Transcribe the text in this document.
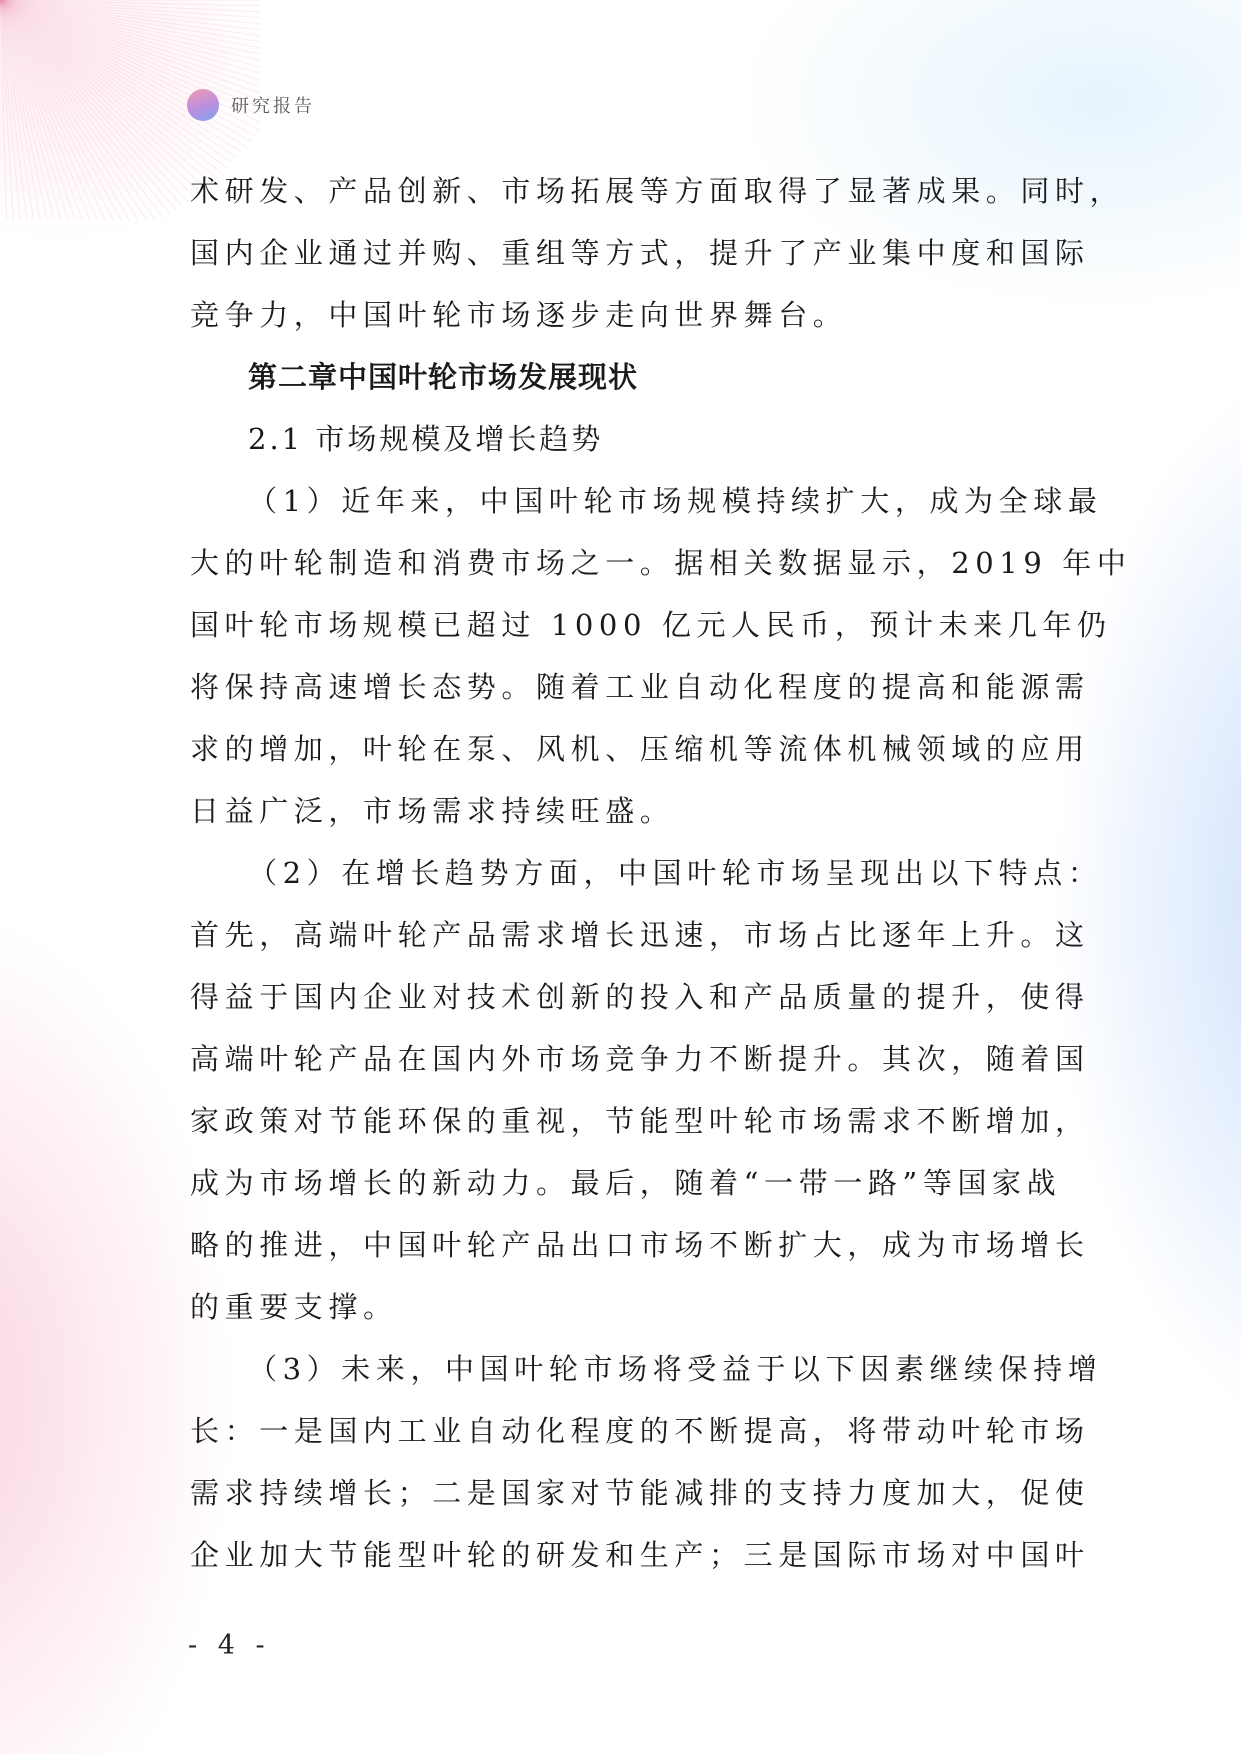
研究报告
术研发、产品创新、市场拓展等方面取得了显著成果。同时，
国内企业通过并购、重组等方式，提升了产业集中度和国际
竞争力，中国叶轮市场逐步走向世界舞台。
第二章中国叶轮市场发展现状
2.1 市场规模及增长趋势
（1）近年来，中国叶轮市场规模持续扩大，成为全球最
大的叶轮制造和消费市场之一。据相关数据显示，2019 年中
国叶轮市场规模已超过 1000 亿元人民币，预计未来几年仍
将保持高速增长态势。随着工业自动化程度的提高和能源需
求的增加，叶轮在泵、风机、压缩机等流体机械领域的应用
日益广泛，市场需求持续旺盛。
（2）在增长趋势方面，中国叶轮市场呈现出以下特点：
首先，高端叶轮产品需求增长迅速，市场占比逐年上升。这
得益于国内企业对技术创新的投入和产品质量的提升，使得
高端叶轮产品在国内外市场竞争力不断提升。其次，随着国
家政策对节能环保的重视，节能型叶轮市场需求不断增加，
成为市场增长的新动力。最后，随着“一带一路”等国家战
略的推进，中国叶轮产品出口市场不断扩大，成为市场增长
的重要支撑。
（3）未来，中国叶轮市场将受益于以下因素继续保持增
长：一是国内工业自动化程度的不断提高，将带动叶轮市场
需求持续增长；二是国家对节能减排的支持力度加大，促使
企业加大节能型叶轮的研发和生产；三是国际市场对中国叶
- 4 -
